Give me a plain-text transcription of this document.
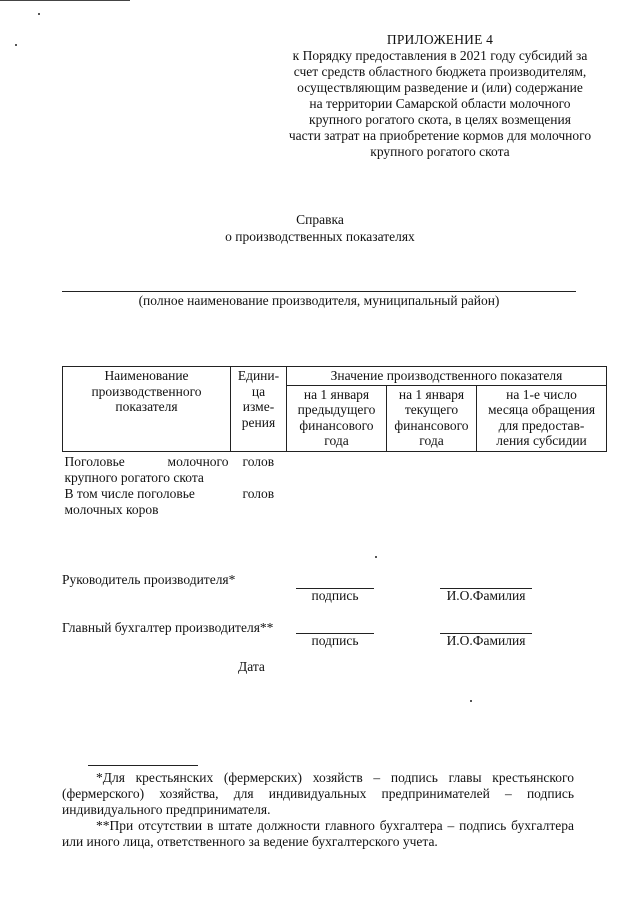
ПРИЛОЖЕНИЕ 4
к Порядку предоставления в 2021 году субсидий за
счет средств областного бюджета производителям,
осуществляющим разведение и (или) содержание
на территории Самарской области молочного
крупного рогатого скота, в целях возмещения
части затрат на приобретение кормов для молочного
крупного рогатого скота
Справка
о производственных показателях
(полное наименование производителя, муниципальный район)
Наименование производственного показателя	Едини-ца изме-рения	Значение производственного показателя		
		на 1 января предыдущего финансового года	на 1 января текущего финансового года	на 1-е число месяца обращения для предостав-ления субсидии
Поголовье молочного крупного рогатого скота	голов			
В том числе поголовье молочных коров	голов			
Руководитель производителя*
подпись	И.О.Фамилия
Главный бухгалтер производителя**
подпись	И.О.Фамилия
Дата
*Для крестьянских (фермерских) хозяйств – подпись главы крестьянского (фермерского) хозяйства, для индивидуальных предпринимателей – подпись индивидуального предпринимателя.
**При отсутствии в штате должности главного бухгалтера – подпись бухгалтера или иного лица, ответственного за ведение бухгалтерского учета.
